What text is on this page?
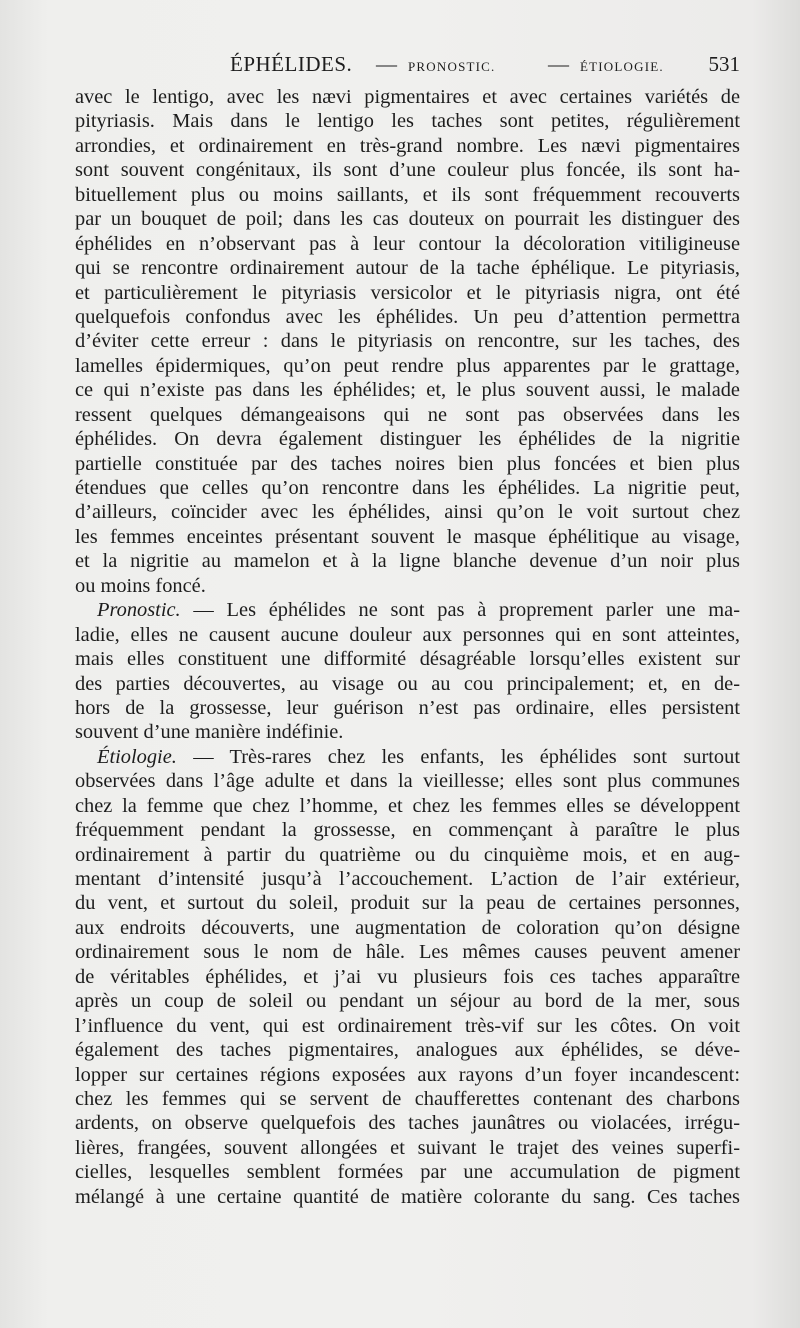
ÉPHÉLIDES. — PRONOSTIC.	— ÉTIOLOGIE. 531
avec le lentigo, avec les nævi pigmentaires et avec certaines variétés de
pityriasis. Mais dans le lentigo les taches sont petites, régulièrement
arrondies, et ordinairement en très-grand nombre. Les nævi pigmentaires
sont souvent congénitaux, ils sont d’une couleur plus foncée, ils sont ha-
bituellement plus ou moins saillants, et ils sont fréquemment recouverts
par un bouquet de poil; dans les cas douteux on pourrait les distinguer des
éphélides en n’observant pas à leur contour la décoloration vitiligineuse
qui se rencontre ordinairement autour de la tache éphélique. Le pityriasis,
et particulièrement le pityriasis versicolor et le pityriasis nigra, ont été
quelquefois confondus avec les éphélides. Un peu d’attention permettra
d’éviter cette erreur : dans le pityriasis on rencontre, sur les taches, des
lamelles épidermiques, qu’on peut rendre plus apparentes par le grattage,
ce qui n’existe pas dans les éphélides; et, le plus souvent aussi, le malade
ressent quelques démangeaisons qui ne sont pas observées dans les
éphélides. On devra également distinguer les éphélides de la nigritie
partielle constituée par des taches noires bien plus foncées et bien plus
étendues que celles qu’on rencontre dans les éphélides. La nigritie peut,
d’ailleurs, coïncider avec les éphélides, ainsi qu’on le voit surtout chez
les femmes enceintes présentant souvent le masque éphélitique au visage,
et la nigritie au mamelon et à la ligne blanche devenue d’un noir plus
ou moins foncé.
Pronostic. — Les éphélides ne sont pas à proprement parler une ma-
ladie, elles ne causent aucune douleur aux personnes qui en sont atteintes,
mais elles constituent une difformité désagréable lorsqu’elles existent sur
des parties découvertes, au visage ou au cou principalement; et, en de-
hors de la grossesse, leur guérison n’est pas ordinaire, elles persistent
souvent d’une manière indéfinie.
Étiologie. — Très-rares chez les enfants, les éphélides sont surtout
observées dans l’âge adulte et dans la vieillesse; elles sont plus communes
chez la femme que chez l’homme, et chez les femmes elles se développent
fréquemment pendant la grossesse, en commençant à paraître le plus
ordinairement à partir du quatrième ou du cinquième mois, et en aug-
mentant d’intensité jusqu’à l’accouchement. L’action de l’air extérieur,
du vent, et surtout du soleil, produit sur la peau de certaines personnes,
aux endroits découverts, une augmentation de coloration qu’on désigne
ordinairement sous le nom de hâle. Les mêmes causes peuvent amener
de véritables éphélides, et j’ai vu plusieurs fois ces taches apparaître
après un coup de soleil ou pendant un séjour au bord de la mer, sous
l’influence du vent, qui est ordinairement très-vif sur les côtes. On voit
également des taches pigmentaires, analogues aux éphélides, se déve-
lopper sur certaines régions exposées aux rayons d’un foyer incandescent:
chez les femmes qui se servent de chaufferettes contenant des charbons
ardents, on observe quelquefois des taches jaunâtres ou violacées, irrégu-
lières, frangées, souvent allongées et suivant le trajet des veines superfi-
cielles, lesquelles semblent formées par une accumulation de pigment
mélangé à une certaine quantité de matière colorante du sang. Ces taches
